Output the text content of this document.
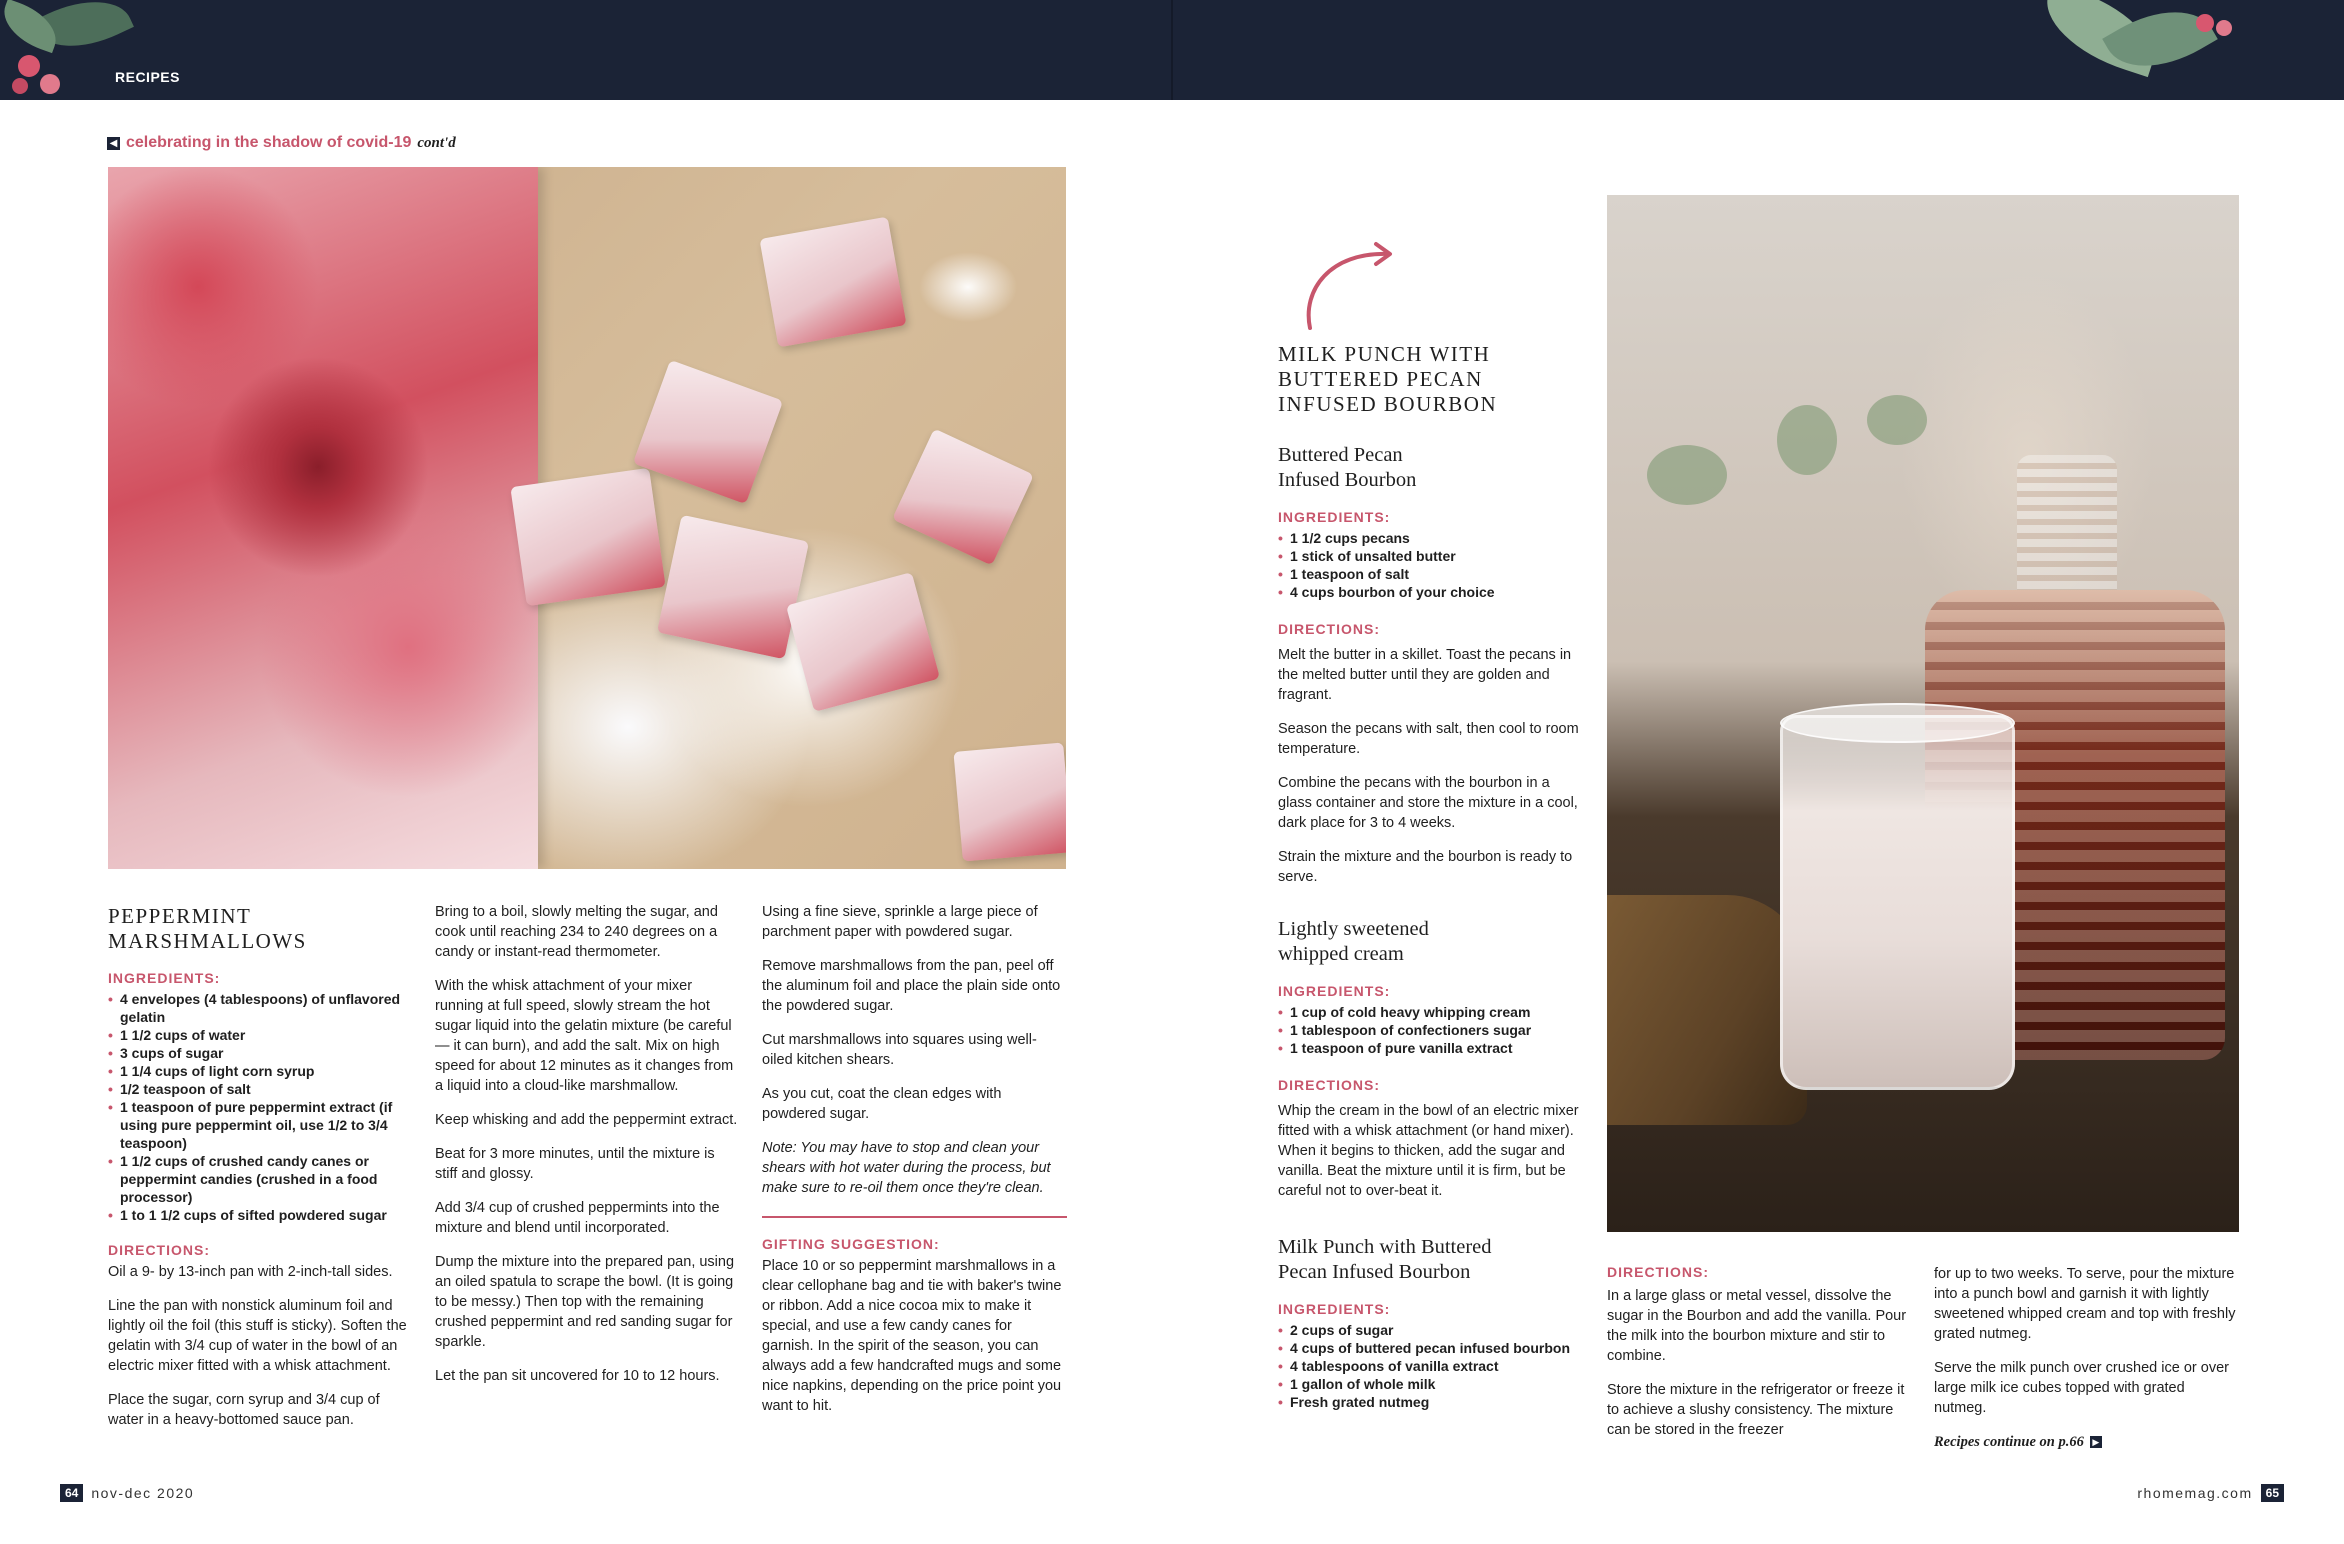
RECIPES
◀ celebrating in the shadow of covid-19 cont'd
PEPPERMINT
MARSHMALLOWS
INGREDIENTS:
• 4 envelopes (4 tablespoons) of unflavored gelatin
• 1 1/2 cups of water
• 3 cups of sugar
• 1 1/4 cups of light corn syrup
• 1/2 teaspoon of salt
• 1 teaspoon of pure peppermint extract (if using pure peppermint oil, use 1/2 to 3/4 teaspoon)
• 1 1/2 cups of crushed candy canes or peppermint candies (crushed in a food processor)
• 1 to 1 1/2 cups of sifted powdered sugar
DIRECTIONS:

Oil a 9- by 13-inch pan with 2-inch-tall sides.

Line the pan with nonstick aluminum foil and lightly oil the foil (this stuff is sticky). Soften the gelatin with 3/4 cup of water in the bowl of an electric mixer fitted with a whisk attachment.

Place the sugar, corn syrup and 3/4 cup of water in a heavy-bottomed sauce pan.

Bring to a boil, slowly melting the sugar, and cook until reaching 234 to 240 degrees on a candy or instant-read thermometer.

With the whisk attachment of your mixer running at full speed, slowly stream the hot sugar liquid into the gelatin mixture (be careful — it can burn), and add the salt. Mix on high speed for about 12 minutes as it changes from a liquid into a cloud-like marshmallow.

Keep whisking and add the peppermint extract.

Beat for 3 more minutes, until the mixture is stiff and glossy.

Add 3/4 cup of crushed peppermints into the mixture and blend until incorporated.

Dump the mixture into the prepared pan, using an oiled spatula to scrape the bowl. (It is going to be messy.) Then top with the remaining crushed peppermint and red sanding sugar for sparkle.

Let the pan sit uncovered for 10 to 12 hours.

Using a fine sieve, sprinkle a large piece of parchment paper with powdered sugar.

Remove marshmallows from the pan, peel off the aluminum foil and place the plain side onto the powdered sugar.

Cut marshmallows into squares using well-oiled kitchen shears.

As you cut, coat the clean edges with powdered sugar.

Note: You may have to stop and clean your shears with hot water during the process, but make sure to re-oil them once they're clean.

GIFTING SUGGESTION:

Place 10 or so peppermint marshmallows in a clear cellophane bag and tie with baker's twine or ribbon. Add a nice cocoa mix to make it special, and use a few candy canes for garnish. In the spirit of the season, you can always add a few handcrafted mugs and some nice napkins, depending on the price point you want to hit.

MILK PUNCH WITH
BUTTERED PECAN
INFUSED BOURBON
Buttered Pecan
Infused Bourbon
INGREDIENTS:
• 1 1/2 cups pecans
• 1 stick of unsalted butter
• 1 teaspoon of salt
• 4 cups bourbon of your choice
DIRECTIONS:

Melt the butter in a skillet. Toast the pecans in the melted butter until they are golden and fragrant.

Season the pecans with salt, then cool to room temperature.

Combine the pecans with the bourbon in a glass container and store the mixture in a cool, dark place for 3 to 4 weeks.

Strain the mixture and the bourbon is ready to serve.

Lightly sweetened
whipped cream
INGREDIENTS:
• 1 cup of cold heavy whipping cream
• 1 tablespoon of confectioners sugar
• 1 teaspoon of pure vanilla extract
DIRECTIONS:

Whip the cream in the bowl of an electric mixer fitted with a whisk attachment (or hand mixer). When it begins to thicken, add the sugar and vanilla. Beat the mixture until it is firm, but be careful not to over-beat it.

Milk Punch with Buttered
Pecan Infused Bourbon
INGREDIENTS:
• 2 cups of sugar
• 4 cups of buttered pecan infused bourbon
• 4 tablespoons of vanilla extract
• 1 gallon of whole milk
• Fresh grated nutmeg
DIRECTIONS:

In a large glass or metal vessel, dissolve the sugar in the Bourbon and add the vanilla. Pour the milk into the bourbon mixture and stir to combine.

Store the mixture in the refrigerator or freeze it to achieve a slushy consistency. The mixture can be stored in the freezer

for up to two weeks. To serve, pour the mixture into a punch bowl and garnish it with lightly sweetened whipped cream and top with freshly grated nutmeg.

Serve the milk punch over crushed ice or over large milk ice cubes topped with grated nutmeg.

Recipes continue on p.66 ▶
64 nov-dec 2020	rhomemag.com	65
